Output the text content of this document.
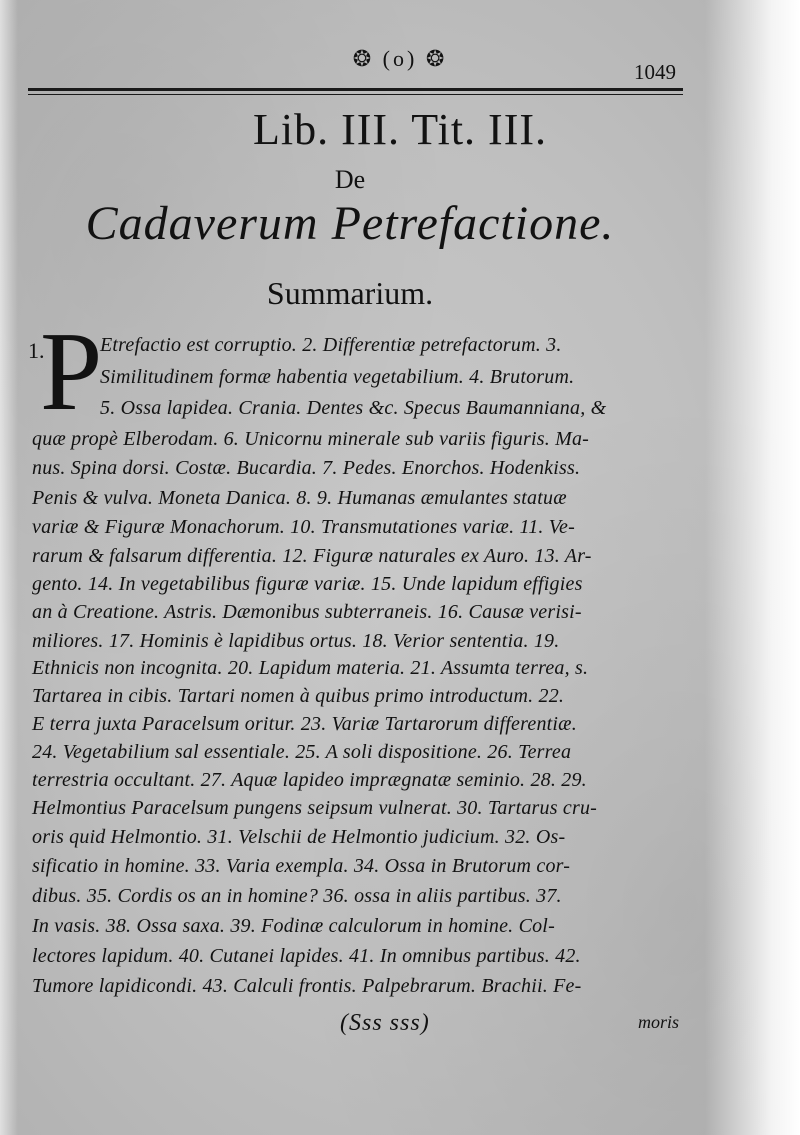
❂ (o) ❂
1049
Lib. III. Tit. III.
De
Cadaverum Petrefactione.
Summarium.
1.
P
Etrefactio est corruptio. 2. Differentiæ petrefactorum. 3.
Similitudinem formæ habentia vegetabilium. 4. Brutorum.
5. Ossa lapidea. Crania. Dentes &c. Specus Baumanniana, &
quæ propè Elberodam. 6. Unicornu minerale sub variis figuris. Ma-
nus. Spina dorsi. Costæ. Bucardia. 7. Pedes. Enorchos. Hodenkiss.
Penis & vulva. Moneta Danica. 8. 9. Humanas æmulantes statuæ
variæ & Figuræ Monachorum. 10. Transmutationes variæ. 11. Ve-
rarum & falsarum differentia. 12. Figuræ naturales ex Auro. 13. Ar-
gento. 14. In vegetabilibus figuræ variæ. 15. Unde lapidum effigies
an à Creatione. Astris. Dæmonibus subterraneis. 16. Causæ verisi-
miliores. 17. Hominis è lapidibus ortus. 18. Verior sententia. 19.
Ethnicis non incognita. 20. Lapidum materia. 21. Assumta terrea, s.
Tartarea in cibis. Tartari nomen à quibus primo introductum. 22.
E terra juxta Paracelsum oritur. 23. Variæ Tartarorum differentiæ.
24. Vegetabilium sal essentiale. 25. A soli dispositione. 26. Terrea
terrestria occultant. 27. Aquæ lapideo imprægnatæ seminio. 28. 29.
Helmontius Paracelsum pungens seipsum vulnerat. 30. Tartarus cru-
oris quid Helmontio. 31. Velschii de Helmontio judicium. 32. Os-
sificatio in homine. 33. Varia exempla. 34. Ossa in Brutorum cor-
dibus. 35. Cordis os an in homine? 36. ossa in aliis partibus. 37.
In vasis. 38. Ossa saxa. 39. Fodinæ calculorum in homine. Col-
lectores lapidum. 40. Cutanei lapides. 41. In omnibus partibus. 42.
Tumore lapidicondi. 43. Calculi frontis. Palpebrarum. Brachii. Fe-
(Sss sss)	moris
